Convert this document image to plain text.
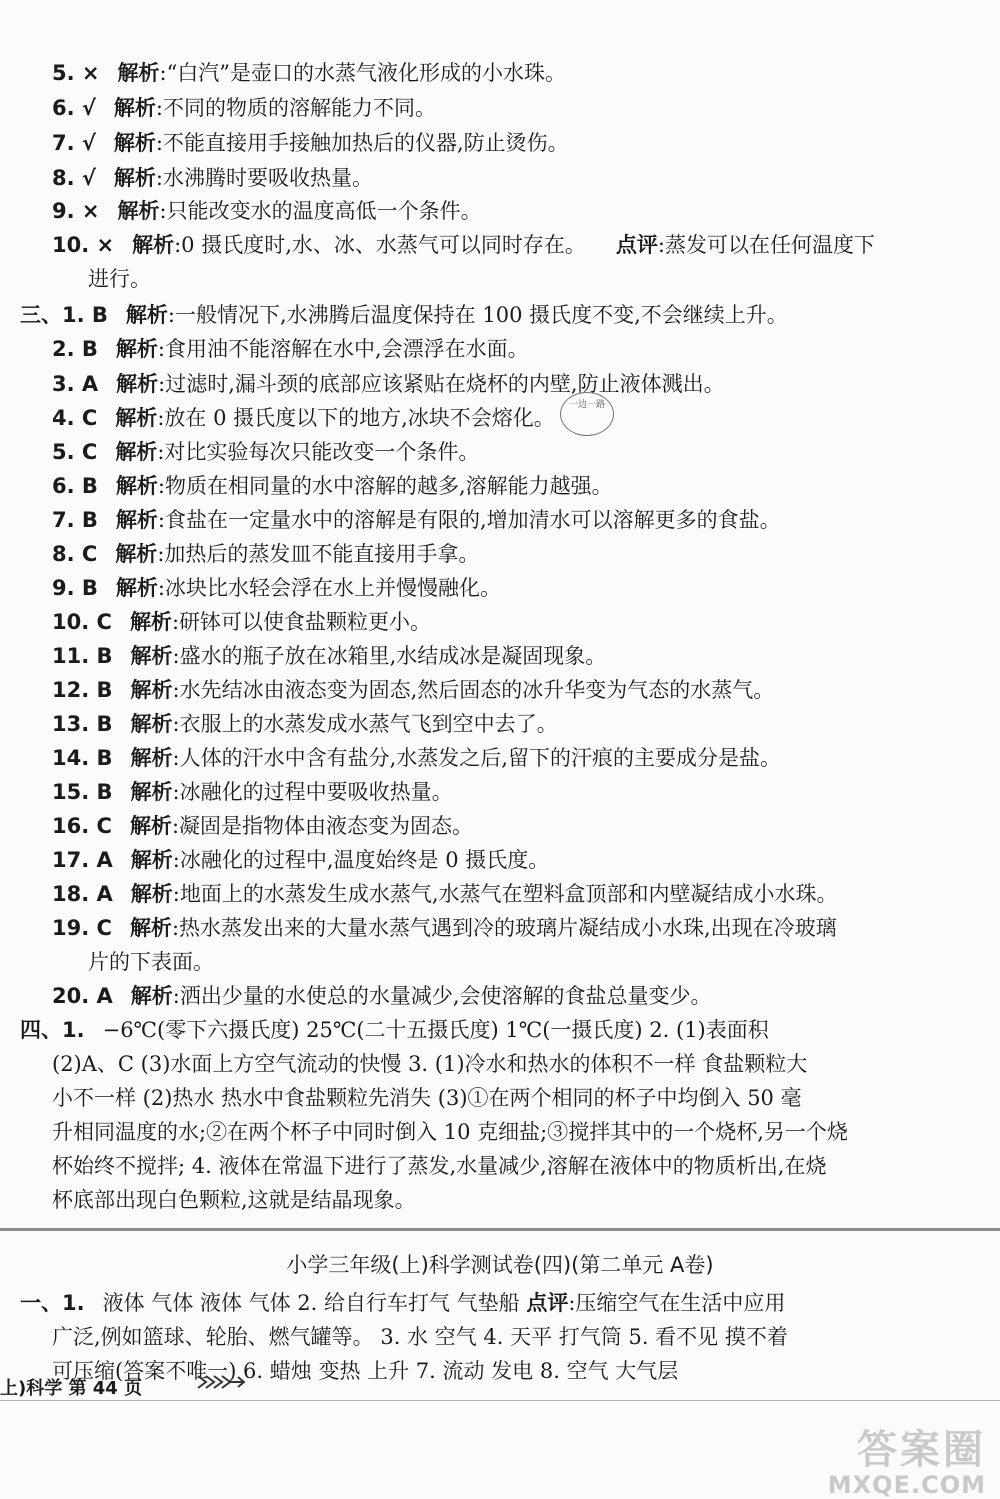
5. × 解析:“白汽”是壶口的水蒸气液化形成的小水珠。
6. √ 解析:不同的物质的溶解能力不同。
7. √ 解析:不能直接用手接触加热后的仪器,防止烫伤。
8. √ 解析:水沸腾时要吸收热量。
9. × 解析:只能改变水的温度高低一个条件。
10. × 解析:0 摄氏度时,水、冰、水蒸气可以同时存在。 点评:蒸发可以在任何温度下
进行。
三、1. B 解析:一般情况下,水沸腾后温度保持在 100 摄氏度不变,不会继续上升。
2. B 解析:食用油不能溶解在水中,会漂浮在水面。
3. A 解析:过滤时,漏斗颈的底部应该紧贴在烧杯的内壁,防止液体溅出。
4. C 解析:放在 0 摄氏度以下的地方,冰块不会熔化。
5. C 解析:对比实验每次只能改变一个条件。
6. B 解析:物质在相同量的水中溶解的越多,溶解能力越强。
7. B 解析:食盐在一定量水中的溶解是有限的,增加清水可以溶解更多的食盐。
8. C 解析:加热后的蒸发皿不能直接用手拿。
9. B 解析:冰块比水轻会浮在水上并慢慢融化。
10. C 解析:研钵可以使食盐颗粒更小。
11. B 解析:盛水的瓶子放在冰箱里,水结成冰是凝固现象。
12. B 解析:水先结冰由液态变为固态,然后固态的冰升华变为气态的水蒸气。
13. B 解析:衣服上的水蒸发成水蒸气飞到空中去了。
14. B 解析:人体的汗水中含有盐分,水蒸发之后,留下的汗痕的主要成分是盐。
15. B 解析:冰融化的过程中要吸收热量。
16. C 解析:凝固是指物体由液态变为固态。
17. A 解析:冰融化的过程中,温度始终是 0 摄氏度。
18. A 解析:地面上的水蒸发生成水蒸气,水蒸气在塑料盒顶部和内壁凝结成小水珠。
19. C 解析:热水蒸发出来的大量水蒸气遇到冷的玻璃片凝结成小水珠,出现在冷玻璃
片的下表面。
20. A 解析:洒出少量的水使总的水量减少,会使溶解的食盐总量变少。
四、1. −6℃(零下六摄氏度) 25℃(二十五摄氏度) 1℃(一摄氏度) 2. (1)表面积
(2)A、C (3)水面上方空气流动的快慢 3. (1)冷水和热水的体积不一样 食盐颗粒大
小不一样 (2)热水 热水中食盐颗粒先消失 (3)①在两个相同的杯子中均倒入 50 毫
升相同温度的水;②在两个杯子中同时倒入 10 克细盐;③搅拌其中的一个烧杯,另一个烧
杯始终不搅拌; 4. 液体在常温下进行了蒸发,水量减少,溶解在液体中的物质析出,在烧
杯底部出现白色颗粒,这就是结晶现象。
一边一路
小学三年级(上)科学测试卷(四)(第二单元 A卷)
一、1. 液体 气体 液体 气体 2. 给自行车打气 气垫船 点评:压缩空气在生活中应用
广泛,例如篮球、轮胎、燃气罐等。 3. 水 空气 4. 天平 打气筒 5. 看不见 摸不着
可压缩(答案不唯一) 6. 蜡烛 变热 上升 7. 流动 发电 8. 空气 大气层
上)科学 第 44 页
答案圈
MXQE.COM
